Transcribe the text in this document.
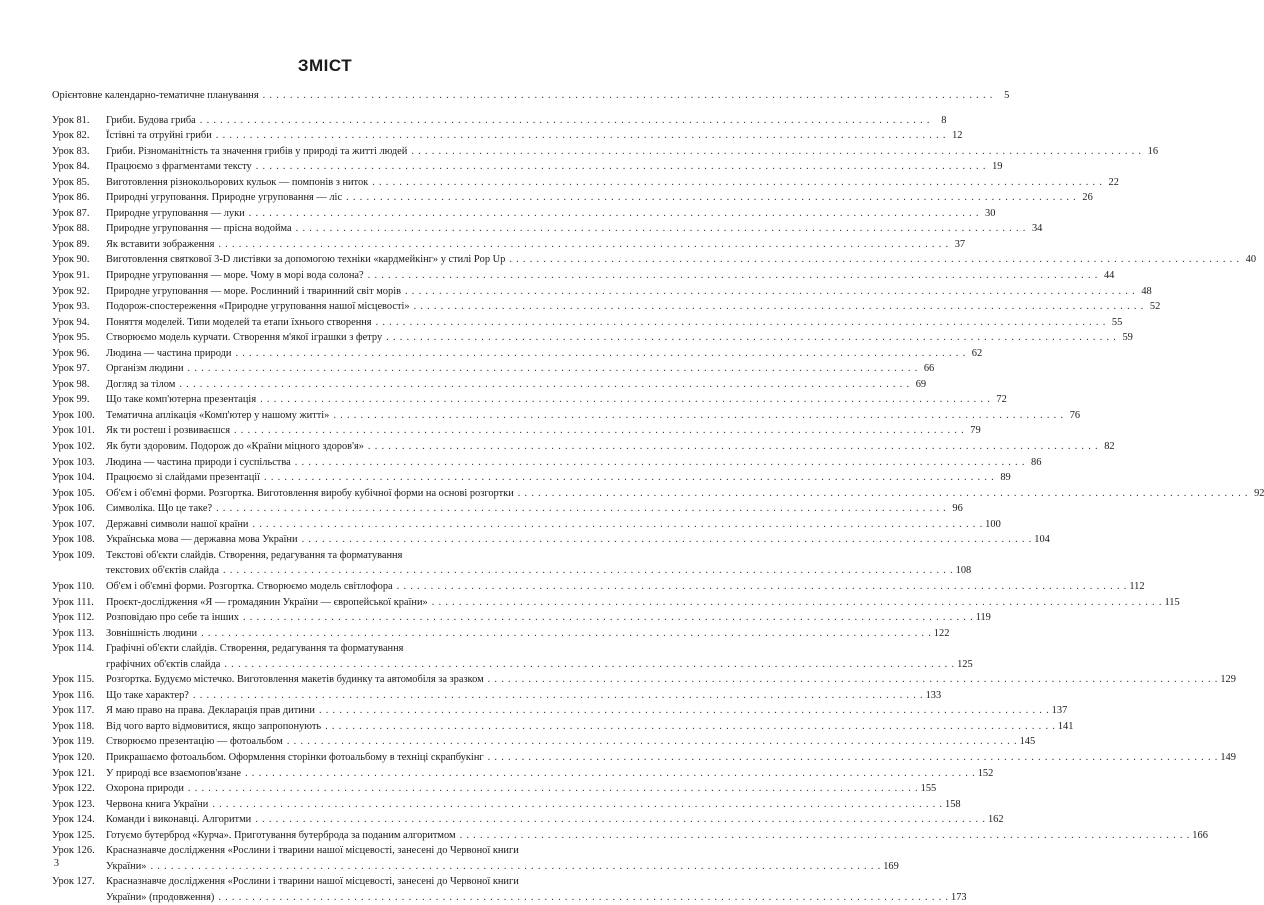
ЗМІСТ
Орієнтовне календарно-тематичне планування . . .	5
Урок 81.	Гриби. Будова гриба . . .	8
Урок 82.	Їстівні та отруйні гриби . . .	12
Урок 83.	Гриби. Різноманітність та значення грибів у природі та житті людей . . .	16
Урок 84.	Працюємо з фрагментами тексту . . .	19
Урок 85.	Виготовлення різнокольорових кульок — помпонів з ниток . . .	22
Урок 86.	Природні угруповання. Природне угруповання — ліс . . .	26
Урок 87.	Природне угруповання — луки . . .	30
Урок 88.	Природне угруповання — прісна водойма . . .	34
Урок 89.	Як вставити зображення . . .	37
Урок 90.	Виготовлення святкової 3-D листівки за допомогою техніки «кардмейкінг» у стилі Pop Up . . .	40
Урок 91.	Природне угруповання — море. Чому в морі вода солона? . . .	44
Урок 92.	Природне угруповання — море. Рослинний і тваринний світ морів . . .	48
Урок 93.	Подорож-спостереження «Природне угруповання нашої місцевості» . . .	52
Урок 94.	Поняття моделей. Типи моделей та етапи їхнього створення . . .	55
Урок 95.	Створюємо модель курчати. Створення м'якої іграшки з фетру . . .	59
Урок 96.	Людина — частина природи . . .	62
Урок 97.	Організм людини . . .	66
Урок 98.	Догляд за тілом . . .	69
Урок 99.	Що таке комп'ютерна презентація . . .	72
Урок 100.	Тематична аплікація «Комп'ютер у нашому житті» . . .	76
Урок 101.	Як ти ростеш і розвиваєшся . . .	79
Урок 102.	Як бути здоровим. Подорож до «Країни міцного здоров'я» . . .	82
Урок 103.	Людина — частина природи і суспільства . . .	86
Урок 104.	Працюємо зі слайдами презентації . . .	89
Урок 105.	Об'єм і об'ємні форми. Розгортка. Виготовлення виробу кубічної форми на основі розгортки . . .	92
Урок 106.	Символіка. Що це таке? . . .	96
Урок 107.	Державні символи нашої країни . . .	100
Урок 108.	Українська мова — державна мова України . . .	104
Урок 109.	Текстові об'єкти слайдів. Створення, редагування та форматування
текстових об'єктів слайда . . .	108
Урок 110.	Об'єм і об'ємні форми. Розгортка. Створюємо модель світлофора . . .	112
Урок 111.	Проєкт-дослідження «Я — громадянин України — європейської країни» . . .	115
Урок 112.	Розповідаю про себе та інших . . .	119
Урок 113.	Зовнішність людини . . .	122
Урок 114.	Графічні об'єкти слайдів. Створення, редагування та форматування
графічних об'єктів слайда . . .	125
Урок 115.	Розгортка. Будуємо містечко. Виготовлення макетів будинку та автомобіля за зразком . . .	129
Урок 116.	Що таке характер? . . .	133
Урок 117.	Я маю право на права. Декларація прав дитини . . .	137
Урок 118.	Від чого варто відмовитися, якщо запропонують . . .	141
Урок 119.	Створюємо презентацію — фотоальбом . . .	145
Урок 120.	Прикрашаємо фотоальбом. Оформлення сторінки фотоальбому в техніці скрапбукінг . . .	149
Урок 121.	У природі все взаємопов'язане . . .	152
Урок 122.	Охорона природи . . .	155
Урок 123.	Червона книга України . . .	158
Урок 124.	Команди і виконавці. Алгоритми . . .	162
Урок 125.	Готуємо бутерброд «Курча». Приготування бутерброда за поданим алгоритмом . . .	166
Урок 126.	Красназнавче дослідження «Рослини і тварини нашої місцевості, занесені до Червоної книги
України» . . .	169
Урок 127.	Красназнавче дослідження «Рослини і тварини нашої місцевості, занесені до Червоної книги
України» (продовження) . . .	173
3
